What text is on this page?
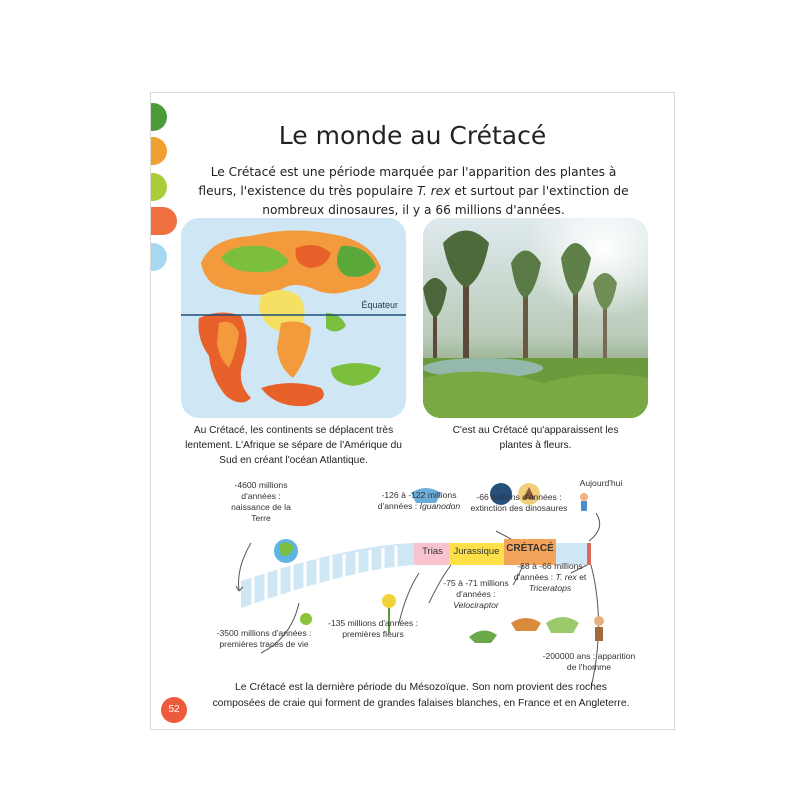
Le monde au Crétacé
Le Crétacé est une période marquée par l'apparition des plantes à fleurs, l'existence du très populaire T. rex et surtout par l'extinction de nombreux dinosaures, il y a 66 millions d'années.
Équateur
Au Crétacé, les continents se déplacent très lentement. L'Afrique se sépare de l'Amérique du Sud en créant l'océan Atlantique.
C'est au Crétacé qu'apparaissent les plantes à fleurs.
Trias	Jurassique CRÉTACÉ
-4600 millions d'années : naissance de la Terre
-3500 millions d'années : premières traces de vie
-135 millions d'années : premières fleurs
-126 à -122 millions d'années : Iguanodon
-66 millions d'années : extinction des dinosaures
Aujourd'hui
-75 à -71 millions d'années : Velociraptor
-68 à -66 millions d'années : T. rex et Triceratops
-200000 ans : apparition de l'homme
Le Crétacé est la dernière période du Mésozoïque. Son nom provient des roches composées de craie qui forment de grandes falaises blanches, en France et en Angleterre.
52
